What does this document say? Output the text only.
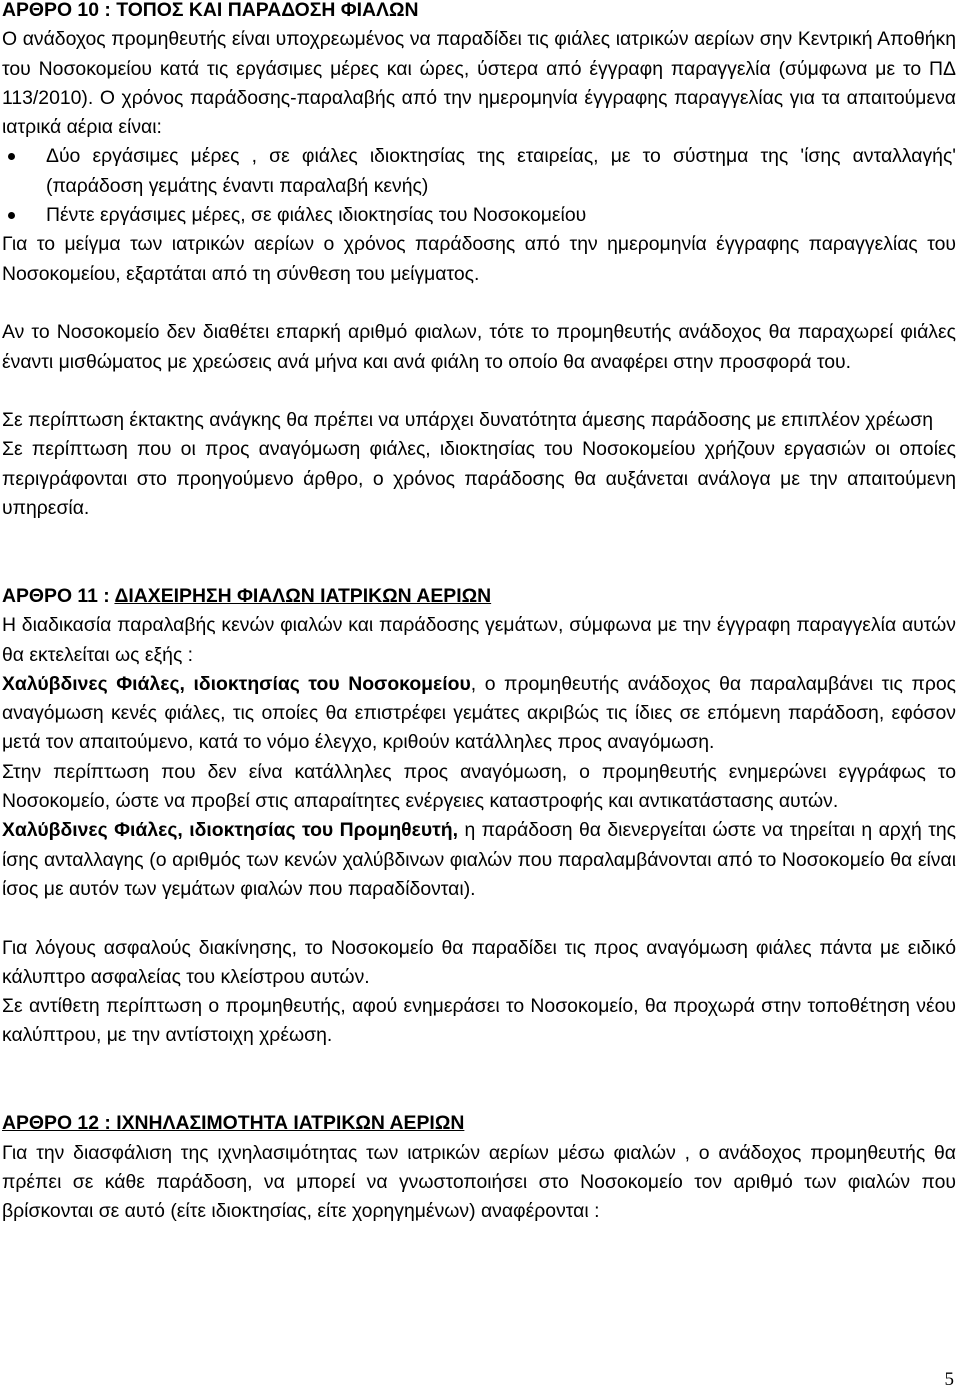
ΑΡΘΡΟ 10 : ΤΟΠΟΣ ΚΑΙ ΠΑΡΑΔΟΣΗ ΦΙΑΛΩΝ

Ο ανάδοχος προμηθευτής είναι υποχρεωμένος να παραδίδει τις φιάλες ιατρικών αερίων σην Κεντρική Αποθήκη του Νοσοκομείου κατά τις εργάσιμες μέρες και ώρες, ύστερα από έγγραφη παραγγελία (σύμφωνα με το ΠΔ 113/2010). Ο χρόνος παράδοσης-παραλαβής από την ημερομηνία έγγραφης παραγγελίας για τα απαιτούμενα ιατρικά αέρια είναι:

Δύο εργάσιμες μέρες , σε φιάλες ιδιοκτησίας της εταιρείας, με το σύστημα της 'ίσης ανταλλαγής' (παράδοση γεμάτης έναντι παραλαβή κενής)
Πέντε εργάσιμες μέρες, σε φιάλες ιδιοκτησίας του Νοσοκομείου

Για το μείγμα των ιατρικών αερίων ο χρόνος παράδοσης από την ημερομηνία έγγραφης παραγγελίας του Νοσοκομείου, εξαρτάται από τη σύνθεση του μείγματος.

Αν το Νοσοκομείο δεν διαθέτει επαρκή αριθμό φιαλων, τότε το προμηθευτής ανάδοχος θα παραχωρεί φιάλες έναντι μισθώματος με χρεώσεις ανά μήνα και ανά φιάλη το οποίο θα αναφέρει στην προσφορά του.

Σε περίπτωση έκτακτης ανάγκης θα πρέπει να υπάρχει δυνατότητα άμεσης παράδοσης με επιπλέον χρέωση

Σε περίπτωση που οι προς αναγόμωση φιάλες, ιδιοκτησίας του Νοσοκομείου χρήζουν εργασιών οι οποίες περιγράφονται στο προηγούμενο άρθρο, ο χρόνος παράδοσης θα αυξάνεται ανάλογα με την απαιτούμενη υπηρεσία.

ΑΡΘΡΟ 11 : ΔΙΑΧΕΙΡΗΣΗ ΦΙΑΛΩΝ ΙΑΤΡΙΚΩΝ ΑΕΡΙΩΝ

Η διαδικασία παραλαβής κενών φιαλών και παράδοσης γεμάτων, σύμφωνα με την έγγραφη παραγγελία αυτών θα εκτελείται ως εξής :

Χαλύβδινες Φιάλες, ιδιοκτησίας του Νοσοκομείου, ο προμηθευτής ανάδοχος θα παραλαμβάνει τις προς αναγόμωση κενές φιάλες, τις οποίες θα επιστρέφει γεμάτες ακριβώς τις ίδιες σε επόμενη παράδοση, εφόσον μετά τον απαιτούμενο, κατά το νόμο έλεγχο, κριθούν κατάλληλες προς αναγόμωση.

Στην περίπτωση που δεν είνα κατάλληλες προς αναγόμωση, ο προμηθευτής ενημερώνει εγγράφως το Νοσοκομείο, ώστε να προβεί στις απαραίτητες ενέργειες καταστροφής και αντικατάστασης αυτών.

Χαλύβδινες Φιάλες, ιδιοκτησίας του Προμηθευτή, η παράδοση θα διενεργείται ώστε να τηρείται η αρχή της ίσης ανταλλαγης (ο αριθμός των κενών χαλύβδινων φιαλών που παραλαμβάνονται από το Νοσοκομείο θα είναι ίσος με αυτόν των γεμάτων φιαλών που παραδίδονται).

Για λόγους ασφαλούς διακίνησης, το Νοσοκομείο θα παραδίδει τις προς αναγόμωση φιάλες πάντα με ειδικό κάλυπτρο ασφαλείας του κλείστρου αυτών.

Σε αντίθετη περίπτωση ο προμηθευτής, αφού ενημεράσει το Νοσοκομείο, θα προχωρά στην τοποθέτηση νέου καλύπτρου, με την αντίστοιχη χρέωση.

ΑΡΘΡΟ 12 : ΙΧΝΗΛΑΣΙΜΟΤΗΤΑ ΙΑΤΡΙΚΩΝ ΑΕΡΙΩΝ

Για την διασφάλιση της ιχνηλασιμότητας των ιατρικών αερίων μέσω φιαλών , ο ανάδοχος προμηθευτής θα πρέπει σε κάθε παράδοση, να μπορεί να γνωστοποιήσει στο Νοσοκομείο τον αριθμό των φιαλών που βρίσκονται σε αυτό (είτε ιδιοκτησίας, είτε χορηγημένων) αναφέρονται :

5
